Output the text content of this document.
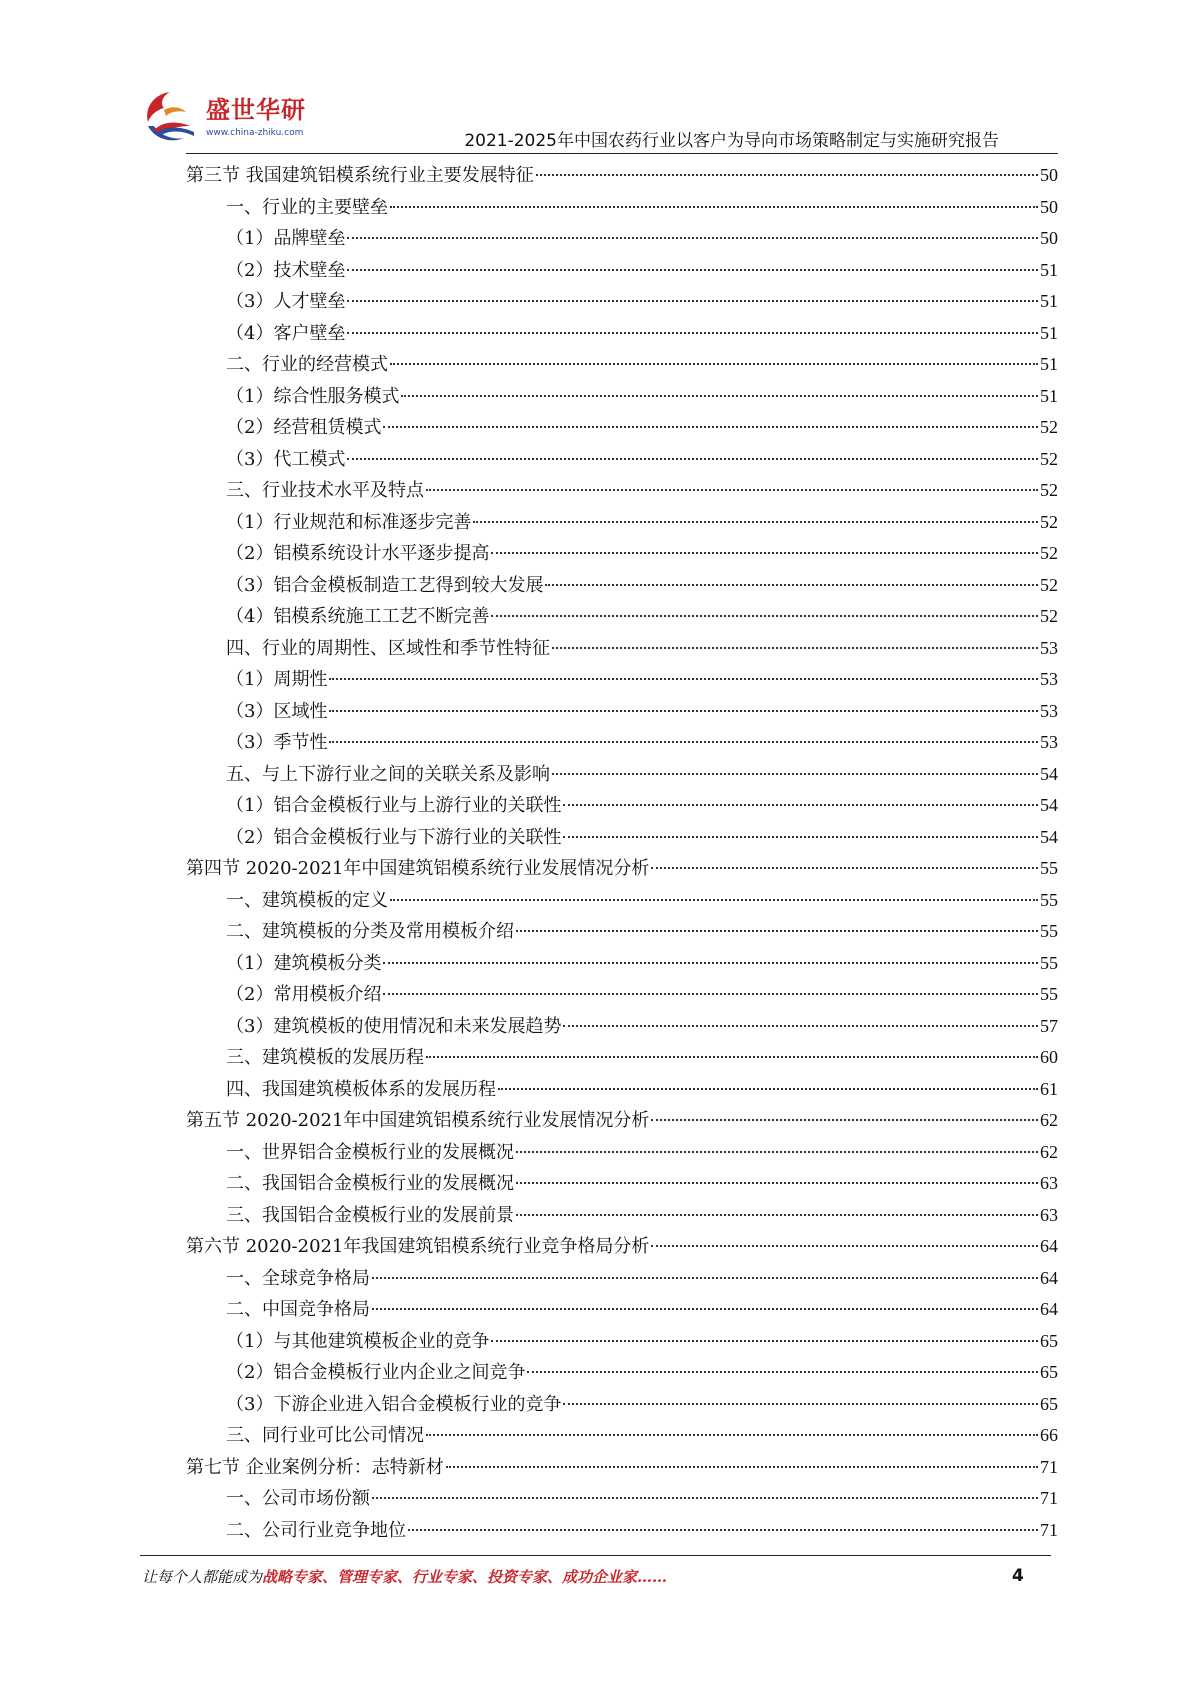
盛世华研
www.china-zhiku.com	2021-2025年中国农药行业以客户为导向市场策略制定与实施研究报告
第三节 我国建筑铝模系统行业主要发展特征	50
一、行业的主要壁垒	50
（1）品牌壁垒	50
（2）技术壁垒	51
（3）人才壁垒	51
（4）客户壁垒	51
二、行业的经营模式	51
（1）综合性服务模式	51
（2）经营租赁模式	52
（3）代工模式	52
三、行业技术水平及特点	52
（1）行业规范和标准逐步完善	52
（2）铝模系统设计水平逐步提高	52
（3）铝合金模板制造工艺得到较大发展	52
（4）铝模系统施工工艺不断完善	52
四、行业的周期性、区域性和季节性特征	53
（1）周期性	53
（3）区域性	53
（3）季节性	53
五、与上下游行业之间的关联关系及影响	54
（1）铝合金模板行业与上游行业的关联性	54
（2）铝合金模板行业与下游行业的关联性	54
第四节 2020-2021年中国建筑铝模系统行业发展情况分析	55
一、建筑模板的定义	55
二、建筑模板的分类及常用模板介绍	55
（1）建筑模板分类	55
（2）常用模板介绍	55
（3）建筑模板的使用情况和未来发展趋势	57
三、建筑模板的发展历程	60
四、我国建筑模板体系的发展历程	61
第五节 2020-2021年中国建筑铝模系统行业发展情况分析	62
一、世界铝合金模板行业的发展概况	62
二、我国铝合金模板行业的发展概况	63
三、我国铝合金模板行业的发展前景	63
第六节 2020-2021年我国建筑铝模系统行业竞争格局分析	64
一、全球竞争格局	64
二、中国竞争格局	64
（1）与其他建筑模板企业的竞争	65
（2）铝合金模板行业内企业之间竞争	65
（3）下游企业进入铝合金模板行业的竞争	65
三、同行业可比公司情况	66
第七节 企业案例分析：志特新材	71
一、公司市场份额	71
二、公司行业竞争地位	71
让每个人都能成为战略专家、管理专家、行业专家、投资专家、成功企业家……	4
